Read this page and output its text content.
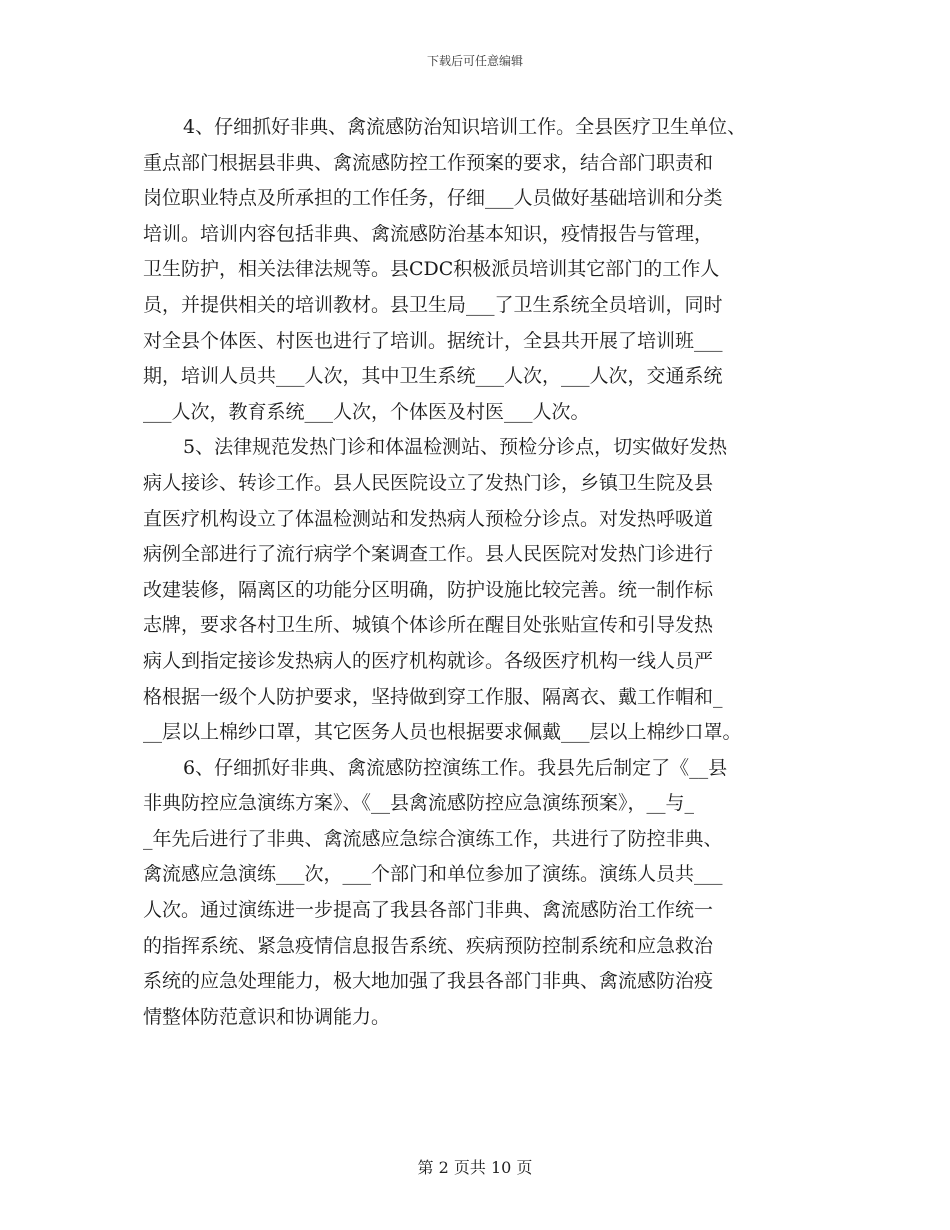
下载后可任意编辑
4、仔细抓好非典、禽流感防治知识培训工作。全县医疗卫生单位、
重点部门根据县非典、禽流感防控工作预案的要求，结合部门职责和
岗位职业特点及所承担的工作任务，仔细___人员做好基础培训和分类
培训。培训内容包括非典、禽流感防治基本知识，疫情报告与管理，
卫生防护，相关法律法规等。县CDC积极派员培训其它部门的工作人
员，并提供相关的培训教材。县卫生局___了卫生系统全员培训，同时
对全县个体医、村医也进行了培训。据统计，全县共开展了培训班___
期，培训人员共___人次，其中卫生系统___人次，___人次，交通系统
___人次，教育系统___人次，个体医及村医___人次。
5、法律规范发热门诊和体温检测站、预检分诊点，切实做好发热
病人接诊、转诊工作。县人民医院设立了发热门诊，乡镇卫生院及县
直医疗机构设立了体温检测站和发热病人预检分诊点。对发热呼吸道
病例全部进行了流行病学个案调查工作。县人民医院对发热门诊进行
改建装修，隔离区的功能分区明确，防护设施比较完善。统一制作标
志牌，要求各村卫生所、城镇个体诊所在醒目处张贴宣传和引导发热
病人到指定接诊发热病人的医疗机构就诊。各级医疗机构一线人员严
格根据一级个人防护要求，坚持做到穿工作服、隔离衣、戴工作帽和_
__层以上棉纱口罩，其它医务人员也根据要求佩戴___层以上棉纱口罩。
6、仔细抓好非典、禽流感防控演练工作。我县先后制定了《__县
非典防控应急演练方案》、《__县禽流感防控应急演练预案》，__与_
_年先后进行了非典、禽流感应急综合演练工作，共进行了防控非典、
禽流感应急演练___次，___个部门和单位参加了演练。演练人员共___
人次。通过演练进一步提高了我县各部门非典、禽流感防治工作统一
的指挥系统、紧急疫情信息报告系统、疾病预防控制系统和应急救治
系统的应急处理能力，极大地加强了我县各部门非典、禽流感防治疫
情整体防范意识和协调能力。
第 2 页共 10 页
